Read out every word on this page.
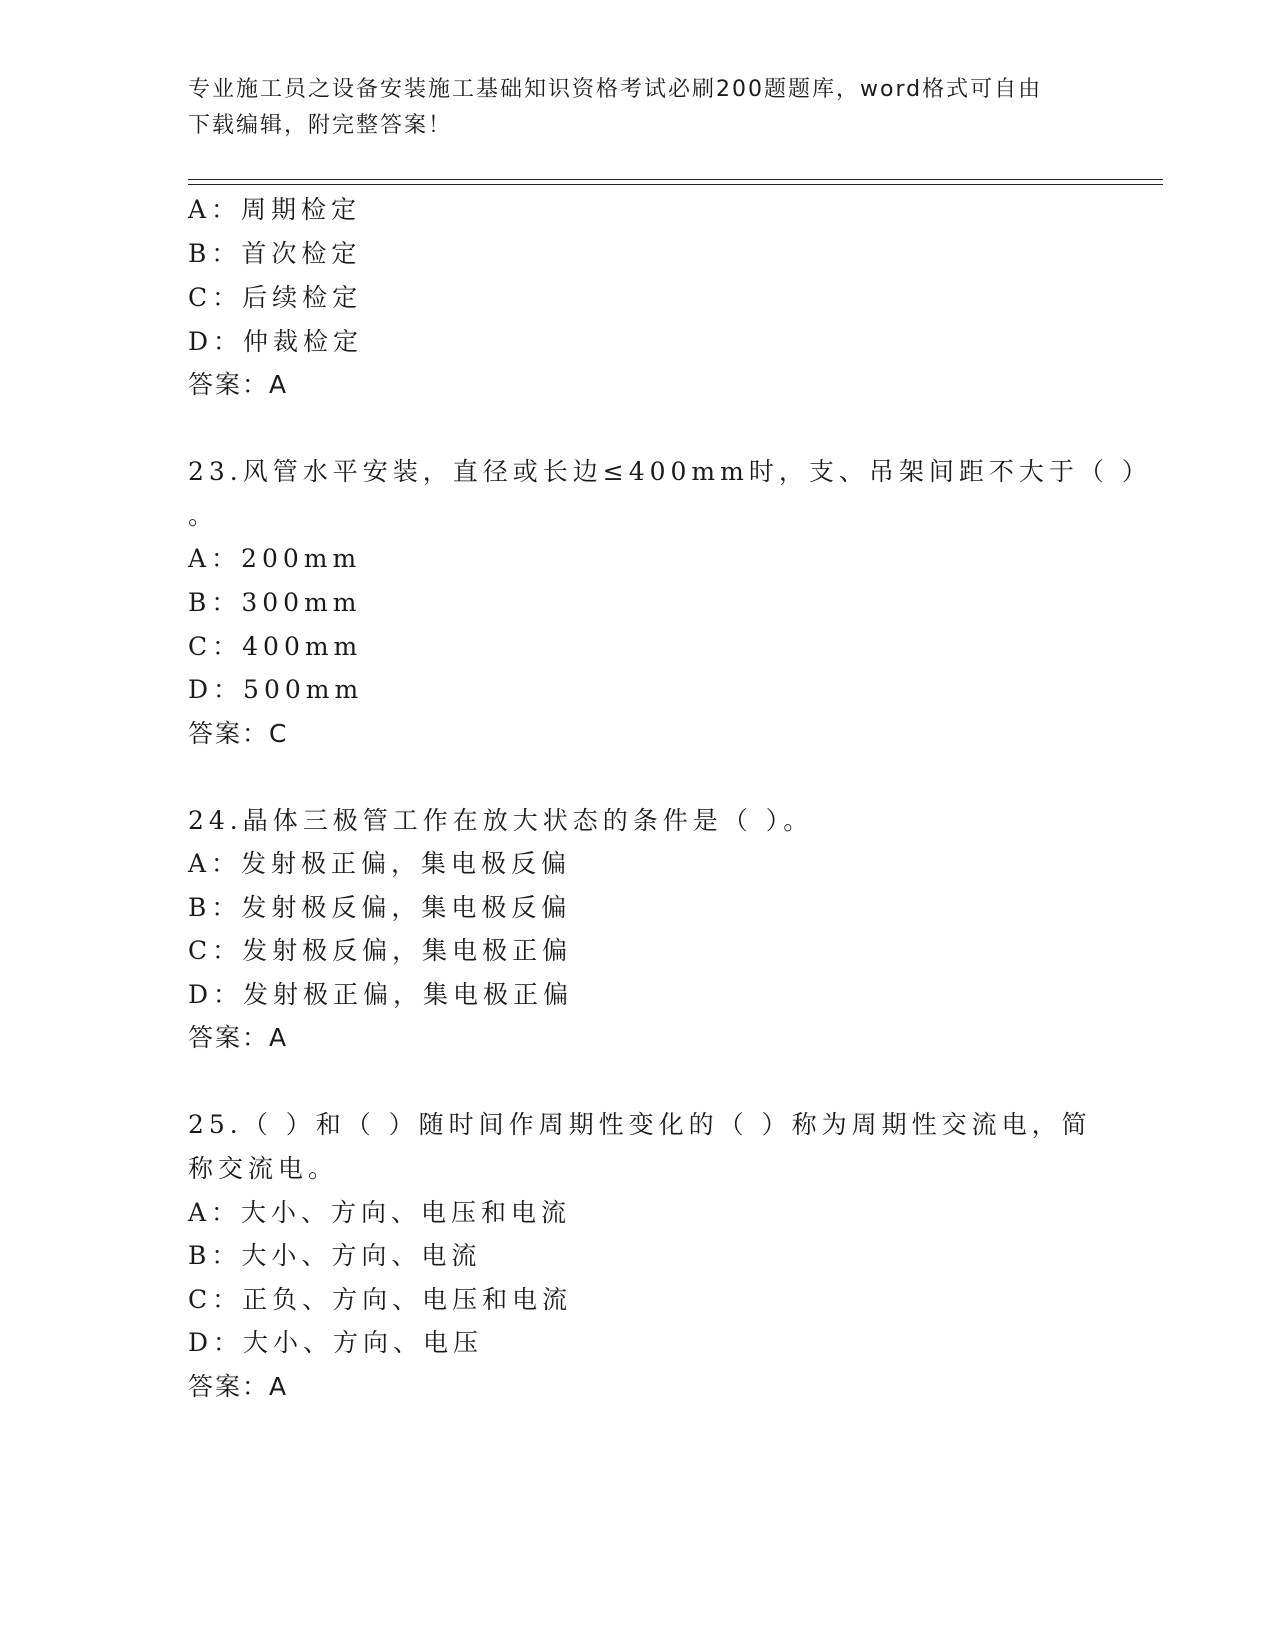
专业施工员之设备安装施工基础知识资格考试必刷200题题库，word格式可自由
下载编辑，附完整答案！
A：周期检定
B：首次检定
C：后续检定
D：仲裁检定
答案：A
23.风管水平安装，直径或长边≤400mm时，支、吊架间距不大于（ ）
。
A：200mm
B：300mm
C：400mm
D：500mm
答案：C
24.晶体三极管工作在放大状态的条件是（ ）。
A：发射极正偏，集电极反偏
B：发射极反偏，集电极反偏
C：发射极反偏，集电极正偏
D：发射极正偏，集电极正偏
答案：A
25.（ ）和（ ）随时间作周期性变化的（ ）称为周期性交流电，简
称交流电。
A：大小、方向、电压和电流
B：大小、方向、电流
C：正负、方向、电压和电流
D：大小、方向、电压
答案：A
